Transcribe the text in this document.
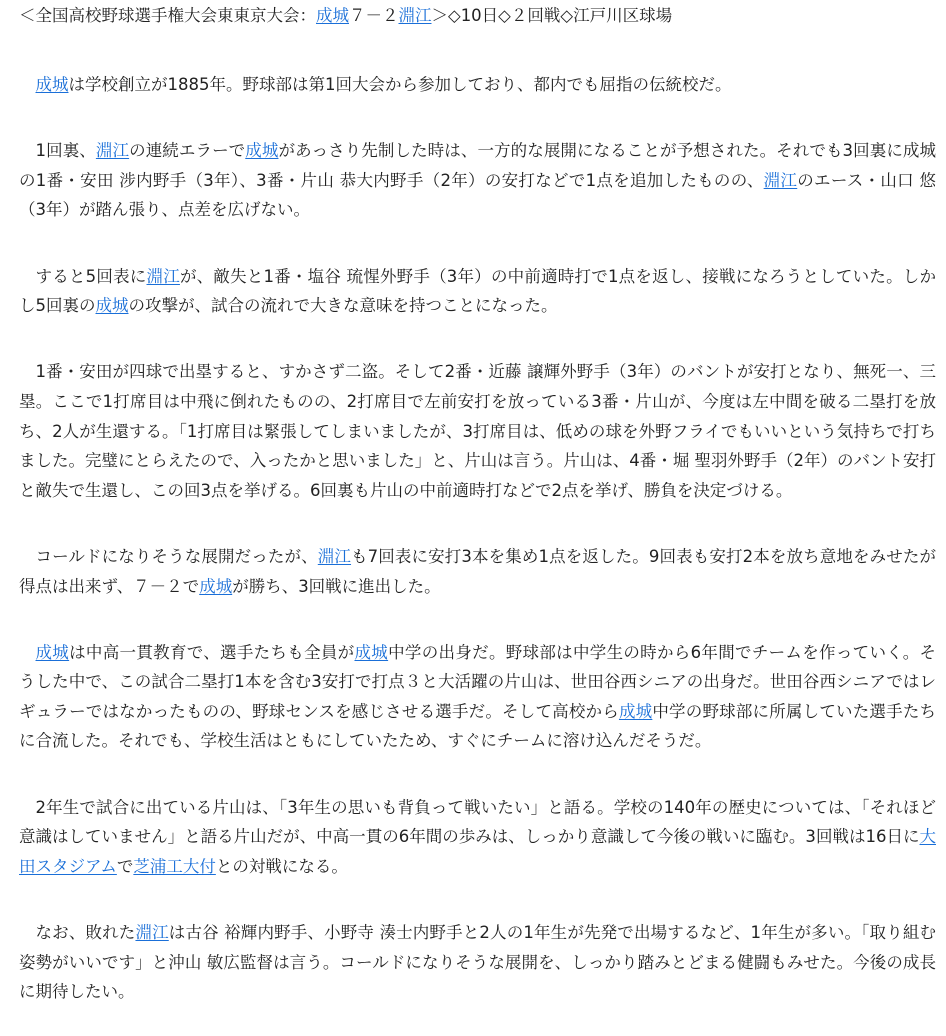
＜全国高校野球選手権大会東東京大会：成城７－２淵江＞◇10日◇２回戦◇江戸川区球場

成城は学校創立が1885年。野球部は第1回大会から参加しており、都内でも屈指の伝統校だ。

1回裏、淵江の連続エラーで成城があっさり先制した時は、一方的な展開になることが予想された。それでも3回裏に成城の1番・安田 涉内野手（3年）、3番・片山 恭大内野手（2年）の安打などで1点を追加したものの、淵江のエース・山口 悠（3年）が踏ん張り、点差を広げない。

すると5回表に淵江が、敵失と1番・塩谷 琉惺外野手（3年）の中前適時打で1点を返し、接戦になろうとしていた。しかし5回裏の成城の攻撃が、試合の流れで大きな意味を持つことになった。

1番・安田が四球で出塁すると、すかさず二盗。そして2番・近藤 譲輝外野手（3年）のバントが安打となり、無死一、三塁。ここで1打席目は中飛に倒れたものの、2打席目で左前安打を放っている3番・片山が、今度は左中間を破る二塁打を放ち、2人が生還する。「1打席目は緊張してしまいましたが、3打席目は、低めの球を外野フライでもいいという気持ちで打ちました。完璧にとらえたので、入ったかと思いました」と、片山は言う。片山は、4番・堀 聖羽外野手（2年）のバント安打と敵失で生還し、この回3点を挙げる。6回裏も片山の中前適時打などで2点を挙げ、勝負を決定づける。

コールドになりそうな展開だったが、淵江も7回表に安打3本を集め1点を返した。9回表も安打2本を放ち意地をみせたが得点は出来ず、７－２で成城が勝ち、3回戦に進出した。

成城は中高一貫教育で、選手たちも全員が成城中学の出身だ。野球部は中学生の時から6年間でチームを作っていく。そうした中で、この試合二塁打1本を含む3安打で打点３と大活躍の片山は、世田谷西シニアの出身だ。世田谷西シニアではレギュラーではなかったものの、野球センスを感じさせる選手だ。そして高校から成城中学の野球部に所属していた選手たちに合流した。それでも、学校生活はともにしていたため、すぐにチームに溶け込んだそうだ。

2年生で試合に出ている片山は、「3年生の思いも背負って戦いたい」と語る。学校の140年の歴史については、「それほど意識はしていません」と語る片山だが、中高一貫の6年間の歩みは、しっかり意識して今後の戦いに臨む。3回戦は16日に大田スタジアムで芝浦工大付との対戦になる。

なお、敗れた淵江は古谷 裕輝内野手、小野寺 湊士内野手と2人の1年生が先発で出場するなど、1年生が多い。「取り組む姿勢がいいです」と沖山 敏広監督は言う。コールドになりそうな展開を、しっかり踏みとどまる健闘もみせた。今後の成長に期待したい。
